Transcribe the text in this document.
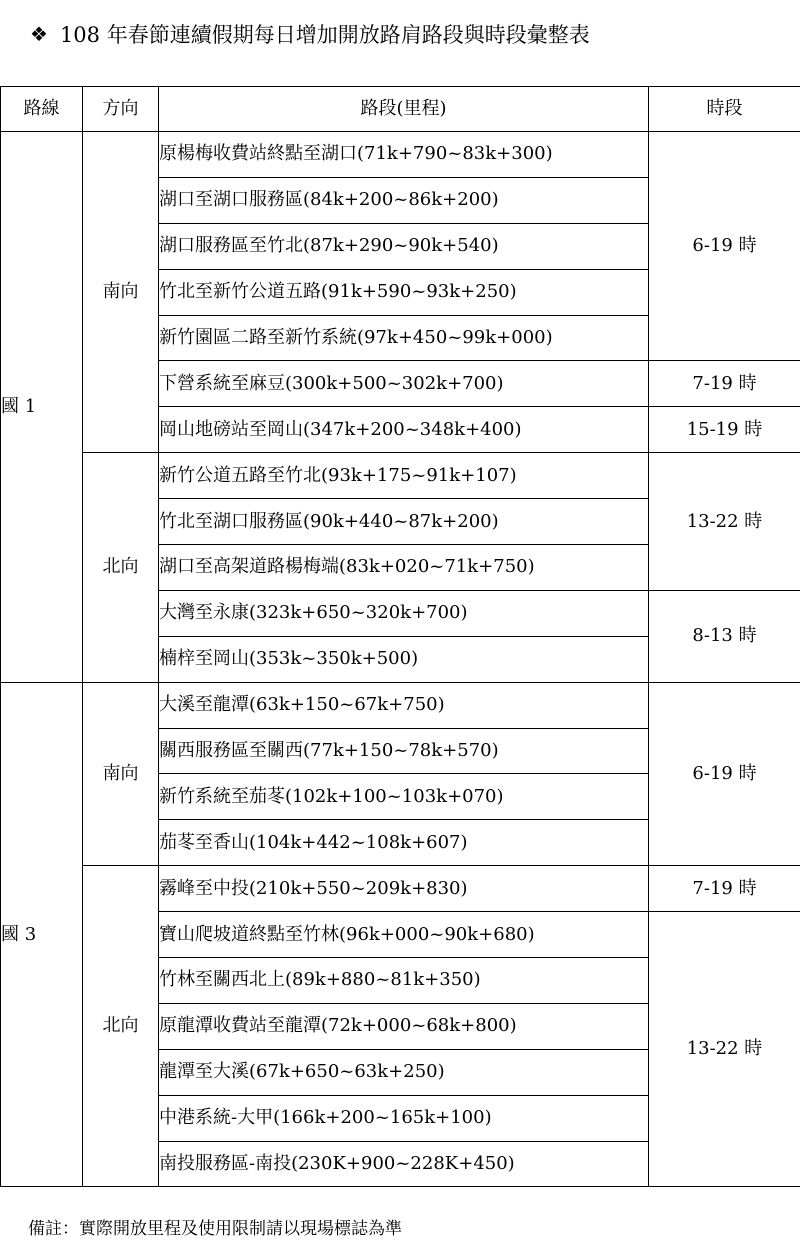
❖ 108 年春節連續假期每日增加開放路肩路段與時段彙整表
路線	方向	路段(里程)	時段
國 1	南向	原楊梅收費站終點至湖口(71k+790~83k+300)	6-19 時
		湖口至湖口服務區(84k+200~86k+200)	
		湖口服務區至竹北(87k+290~90k+540)	
		竹北至新竹公道五路(91k+590~93k+250)	
		新竹園區二路至新竹系統(97k+450~99k+000)	
		下營系統至麻豆(300k+500~302k+700)	7-19 時
		岡山地磅站至岡山(347k+200~348k+400)	15-19 時
	北向	新竹公道五路至竹北(93k+175~91k+107)	13-22 時
		竹北至湖口服務區(90k+440~87k+200)	
		湖口至高架道路楊梅端(83k+020~71k+750)	
		大灣至永康(323k+650~320k+700)	8-13 時
		楠梓至岡山(353k~350k+500)	
國 3	南向	大溪至龍潭(63k+150~67k+750)	6-19 時
		關西服務區至關西(77k+150~78k+570)	
		新竹系統至茄苳(102k+100~103k+070)	
		茄苳至香山(104k+442~108k+607)	
	北向	霧峰至中投(210k+550~209k+830)	7-19 時
		寶山爬坡道終點至竹林(96k+000~90k+680)	13-22 時
		竹林至關西北上(89k+880~81k+350)	
		原龍潭收費站至龍潭(72k+000~68k+800)	
		龍潭至大溪(67k+650~63k+250)	
		中港系統-大甲(166k+200~165k+100)	
		南投服務區-南投(230K+900~228K+450)	
備註：實際開放里程及使用限制請以現場標誌為準
